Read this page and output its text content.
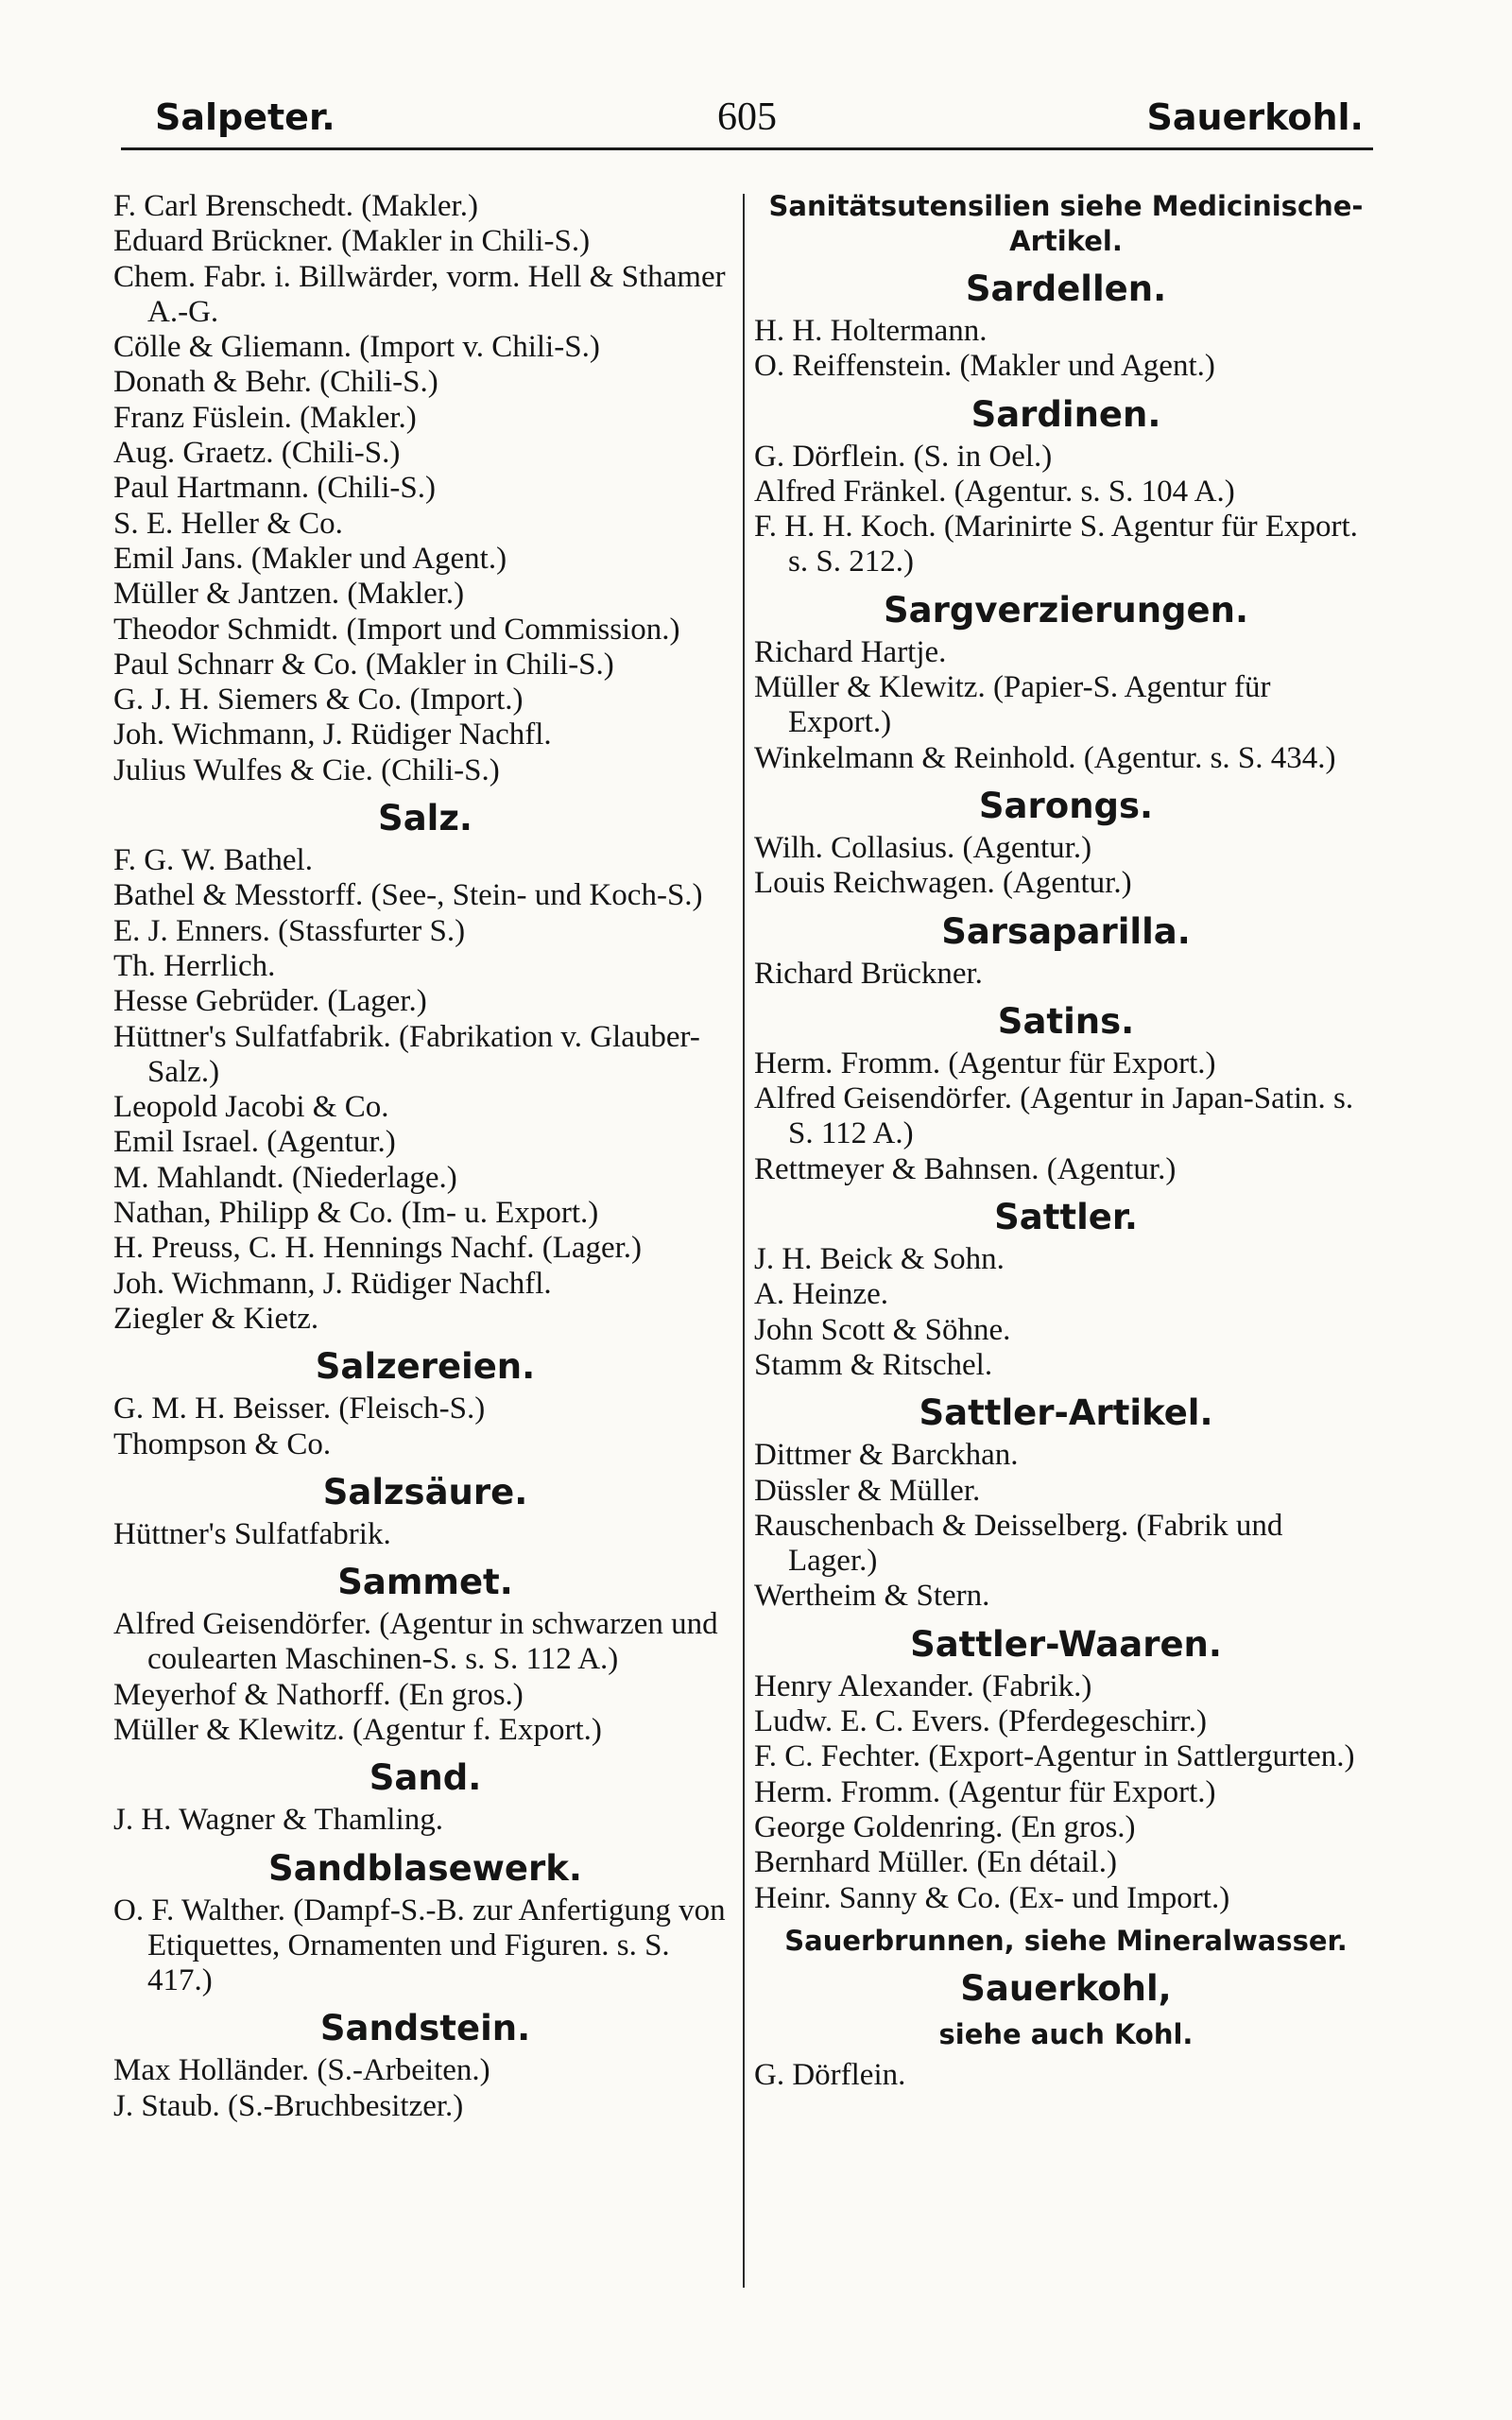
Salpeter.	605	Sauerkohl.

F. Carl Brenschedt. (Makler.)

Eduard Brückner. (Makler in Chili-S.)

Chem. Fabr. i. Billwärder, vorm. Hell & Sthamer A.-G.

Cölle & Gliemann. (Import v. Chili-S.)

Donath & Behr. (Chili-S.)

Franz Füslein. (Makler.)

Aug. Graetz. (Chili-S.)

Paul Hartmann. (Chili-S.)

S. E. Heller & Co.

Emil Jans. (Makler und Agent.)

Müller & Jantzen. (Makler.)

Theodor Schmidt. (Import und Commission.)

Paul Schnarr & Co. (Makler in Chili-S.)

G. J. H. Siemers & Co. (Import.)

Joh. Wichmann, J. Rüdiger Nachfl.

Julius Wulfes & Cie. (Chili-S.)

Salz.

F. G. W. Bathel.

Bathel & Messtorff. (See-, Stein- und Koch-S.)

E. J. Enners. (Stassfurter S.)

Th. Herrlich.

Hesse Gebrüder. (Lager.)

Hüttner's Sulfatfabrik. (Fabrikation v. Glauber-Salz.)

Leopold Jacobi & Co.

Emil Israel. (Agentur.)

M. Mahlandt. (Niederlage.)

Nathan, Philipp & Co. (Im- u. Export.)

H. Preuss, C. H. Hennings Nachf. (Lager.)

Joh. Wichmann, J. Rüdiger Nachfl.

Ziegler & Kietz.

Salzereien.

G. M. H. Beisser. (Fleisch-S.)

Thompson & Co.

Salzsäure.

Hüttner's Sulfatfabrik.

Sammet.

Alfred Geisendörfer. (Agentur in schwarzen und coulearten Maschinen-S. s. S. 112 A.)

Meyerhof & Nathorff. (En gros.)

Müller & Klewitz. (Agentur f. Export.)

Sand.

J. H. Wagner & Thamling.

Sandblasewerk.

O. F. Walther. (Dampf-S.-B. zur Anfertigung von Etiquettes, Ornamenten und Figuren. s. S. 417.)

Sandstein.

Max Holländer. (S.-Arbeiten.)

J. Staub. (S.-Bruchbesitzer.)

Sanitätsutensilien siehe Medicinische-Artikel.

Sardellen.

H. H. Holtermann.

O. Reiffenstein. (Makler und Agent.)

Sardinen.

G. Dörflein. (S. in Oel.)

Alfred Fränkel. (Agentur. s. S. 104 A.)

F. H. H. Koch. (Marinirte S. Agentur für Export. s. S. 212.)

Sargverzierungen.

Richard Hartje.

Müller & Klewitz. (Papier-S. Agentur für Export.)

Winkelmann & Reinhold. (Agentur. s. S. 434.)

Sarongs.

Wilh. Collasius. (Agentur.)

Louis Reichwagen. (Agentur.)

Sarsaparilla.

Richard Brückner.

Satins.

Herm. Fromm. (Agentur für Export.)

Alfred Geisendörfer. (Agentur in Japan-Satin. s. S. 112 A.)

Rettmeyer & Bahnsen. (Agentur.)

Sattler.

J. H. Beick & Sohn.

A. Heinze.

John Scott & Söhne.

Stamm & Ritschel.

Sattler-Artikel.

Dittmer & Barckhan.

Düssler & Müller.

Rauschenbach & Deisselberg. (Fabrik und Lager.)

Wertheim & Stern.

Sattler-Waaren.

Henry Alexander. (Fabrik.)

Ludw. E. C. Evers. (Pferdegeschirr.)

F. C. Fechter. (Export-Agentur in Sattlergurten.)

Herm. Fromm. (Agentur für Export.)

George Goldenring. (En gros.)

Bernhard Müller. (En détail.)

Heinr. Sanny & Co. (Ex- und Import.)

Sauerbrunnen, siehe Mineralwasser.

Sauerkohl,

siehe auch Kohl.

G. Dörflein.
